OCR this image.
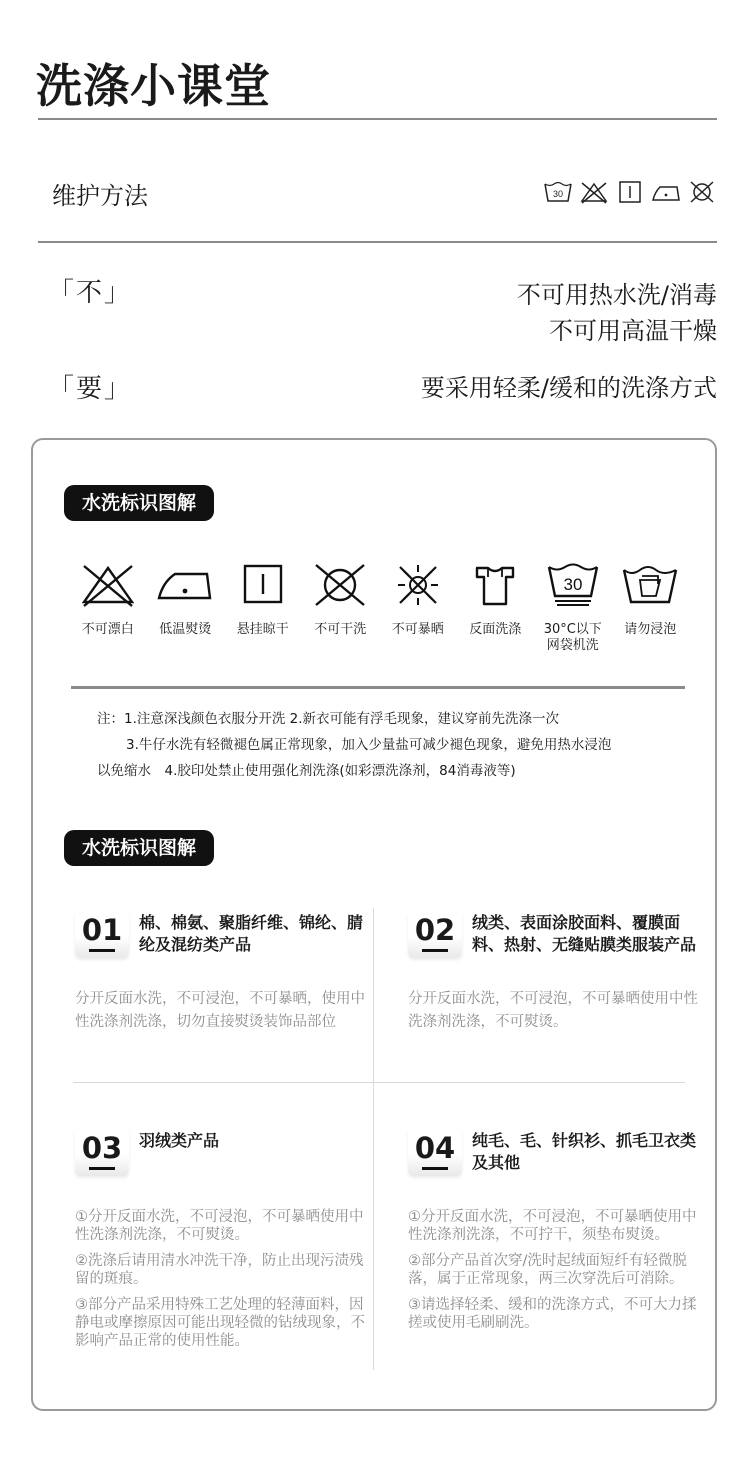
洗涤小课堂
维护方法	30
「不」	不可用热水洗/消毒
不可用高温干燥
「要」	要采用轻柔/缓和的洗涤方式
水洗标识图解
不可漂白 低温熨烫 悬挂晾干 不可干洗 不可暴晒 反面洗涤
30
30°C以下
网袋机洗
请勿浸泡
注：1.注意深浅颜色衣服分开洗 2.新衣可能有浮毛现象，建议穿前先洗涤一次
3.牛仔水洗有轻微褪色属正常现象，加入少量盐可减少褪色现象，避免用热水浸泡
以免缩水　4.胶印处禁止使用强化剂洗涤(如彩漂洗涤剂，84消毒液等)
水洗标识图解
01	棉、棉氨、聚脂纤维、锦纶、腈纶及混纺类产品
分开反面水洗，不可浸泡，不可暴晒，使用中性洗涤剂洗涤，切勿直接熨烫装饰品部位
02	绒类、表面涂胶面料、覆膜面料、热射、无缝贴膜类服装产品
分开反面水洗，不可浸泡，不可暴晒使用中性洗涤剂洗涤，不可熨烫。
03	羽绒类产品

①分开反面水洗，不可浸泡，不可暴晒使用中性洗涤剂洗涤，不可熨烫。

②洗涤后请用清水冲洗干净，防止出现污渍残留的斑痕。

③部分产品采用特殊工艺处理的轻薄面料，因静电或摩擦原因可能出现轻微的钻绒现象，不影响产品正常的使用性能。

04	纯毛、毛、针织衫、抓毛卫衣类及其他

①分开反面水洗，不可浸泡，不可暴晒使用中性洗涤剂洗涤，不可拧干，须垫布熨烫。

②部分产品首次穿/洗时起绒面短纤有轻微脱落，属于正常现象，两三次穿洗后可消除。

③请选择轻柔、缓和的洗涤方式，不可大力揉搓或使用毛刷刷洗。
